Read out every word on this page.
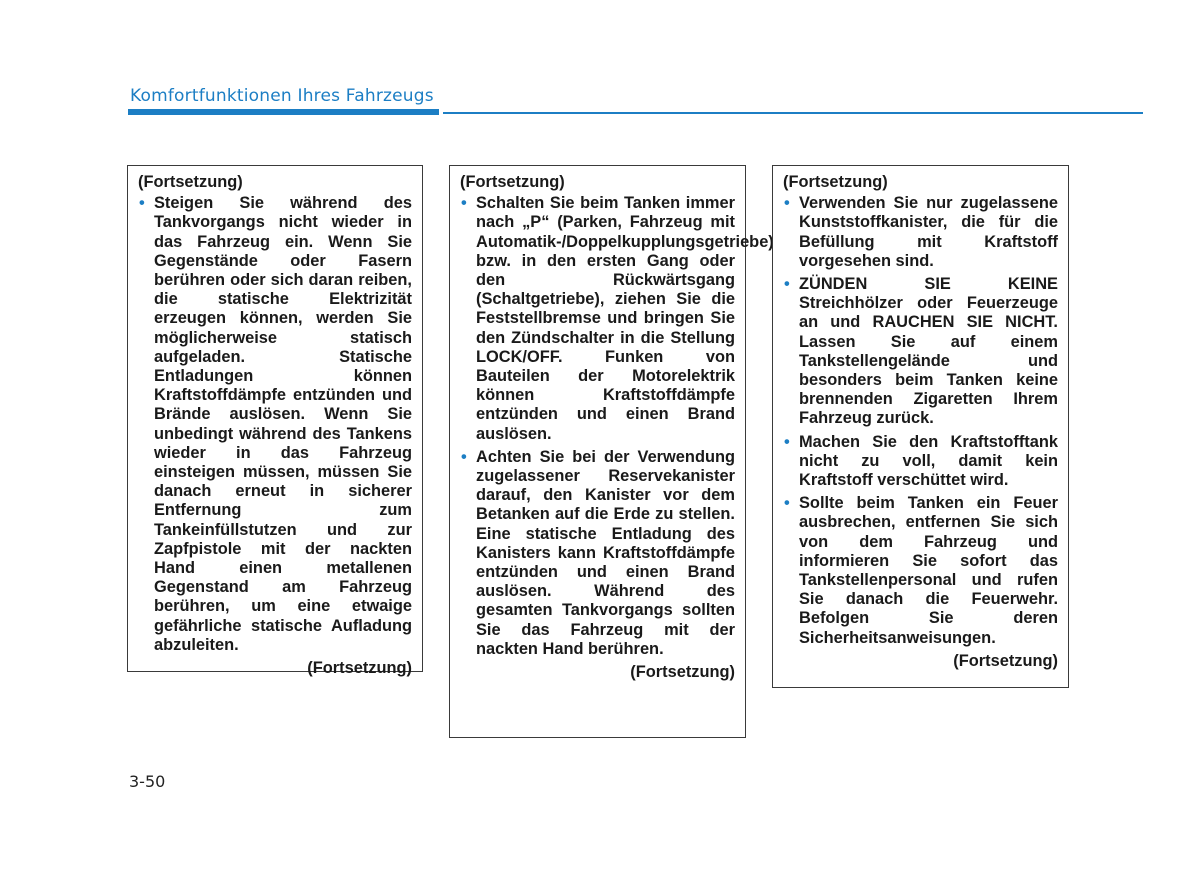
Komfortfunktionen Ihres Fahrzeugs
(Fortsetzung)
• Steigen Sie während des Tankvorgangs nicht wieder in das Fahrzeug ein. Wenn Sie Gegenstände oder Fasern berühren oder sich daran reiben, die statische Elektrizität erzeugen können, werden Sie möglicherweise statisch aufgeladen. Statische Entladungen können Kraftstoffdämpfe entzünden und Brände auslösen. Wenn Sie unbedingt während des Tankens wieder in das Fahrzeug einsteigen müssen, müssen Sie danach erneut in sicherer Entfernung zum Tankeinfüllstutzen und zur Zapfpistole mit der nackten Hand einen metallenen Gegenstand am Fahrzeug berühren, um eine etwaige gefährliche statische Aufladung abzuleiten.
(Fortsetzung)
(Fortsetzung)
• Schalten Sie beim Tanken immer nach „P“ (Parken, Fahrzeug mit Automatik-/Doppelkupplungsgetriebe) bzw. in den ersten Gang oder den Rückwärtsgang (Schaltgetriebe), ziehen Sie die Feststellbremse und bringen Sie den Zündschalter in die Stellung LOCK/OFF. Funken von Bauteilen der Motorelektrik können Kraftstoffdämpfe entzünden und einen Brand auslösen.
• Achten Sie bei der Verwendung zugelassener Reservekanister darauf, den Kanister vor dem Betanken auf die Erde zu stellen. Eine statische Entladung des Kanisters kann Kraftstoffdämpfe entzünden und einen Brand auslösen. Während des gesamten Tankvorgangs sollten Sie das Fahrzeug mit der nackten Hand berühren.
(Fortsetzung)
(Fortsetzung)
• Verwenden Sie nur zugelassene Kunststoffkanister, die für die Befüllung mit Kraftstoff vorgesehen sind.
• ZÜNDEN SIE KEINE Streichhölzer oder Feuerzeuge an und RAUCHEN SIE NICHT. Lassen Sie auf einem Tankstellengelände und besonders beim Tanken keine brennenden Zigaretten Ihrem Fahrzeug zurück.
• Machen Sie den Kraftstofftank nicht zu voll, damit kein Kraftstoff verschüttet wird.
• Sollte beim Tanken ein Feuer ausbrechen, entfernen Sie sich von dem Fahrzeug und informieren Sie sofort das Tankstellenpersonal und rufen Sie danach die Feuerwehr. Befolgen Sie deren Sicherheitsanweisungen.
(Fortsetzung)
3-50
